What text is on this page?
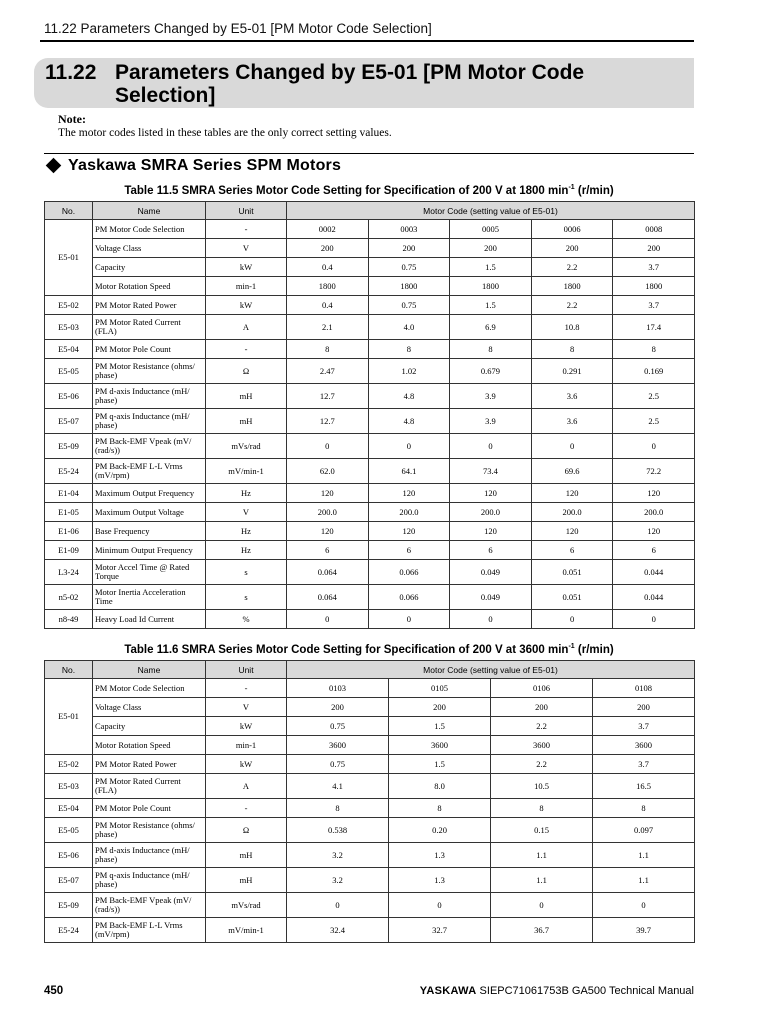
11.22 Parameters Changed by E5-01 [PM Motor Code Selection]
11.22 Parameters Changed by E5-01 [PM Motor Code Selection]
Note:
The motor codes listed in these tables are the only correct setting values.
Yaskawa SMRA Series SPM Motors
Table 11.5 SMRA Series Motor Code Setting for Specification of 200 V at 1800 $\min^{-1} (r/\min)$
No.	Name	Unit	Motor Code (setting value of E5-01)				
E5-01	PM Motor Code Selection	-	0002	0003	0005	0006	0008
	Voltage Class	V	200	200	200	200	200
	Capacity	kW	0.4	0.75	1.5	2.2	3.7
	Motor Rotation Speed	min-1	1800	1800	1800	1800	1800
E5-02	PM Motor Rated Power	kW	0.4	0.75	1.5	2.2	3.7
E5-03	PM Motor Rated Current (FLA)	A	2.1	4.0	6.9	10.8	17.4
E5-04	PM Motor Pole Count	-	8	8	8	8	8
E5-05	PM Motor Resistance (ohms/ phase)	Ω	2.47	1.02	0.679	0.291	0.169
E5-06	PM d-axis Inductance (mH/ phase)	mH	12.7	4.8	3.9	3.6	2.5
E5-07	PM q-axis Inductance (mH/ phase)	mH	12.7	4.8	3.9	3.6	2.5
E5-09	PM Back-EMF Vpeak (mV/ (rad/s))	mVs/rad	0	0	0	0	0
E5-24	PM Back-EMF L-L Vrms (mV/rpm)	mV/min-1	62.0	64.1	73.4	69.6	72.2
E1-04	Maximum Output Frequency	Hz	120	120	120	120	120
E1-05	Maximum Output Voltage	V	200.0	200.0	200.0	200.0	200.0
E1-06	Base Frequency	Hz	120	120	120	120	120
E1-09	Minimum Output Frequency	Hz	6	6	6	6	6
L3-24	Motor Accel Time @ Rated Torque	s	0.064	0.066	0.049	0.051	0.044
n5-02	Motor Inertia Acceleration Time	s	0.064	0.066	0.049	0.051	0.044
n8-49	Heavy Load Id Current	%	0	0	0	0	0
Table 11.6 SMRA Series Motor Code Setting for Specification of 200 V at 3600 $\min^{-1} (r/\min)$
No.	Name	Unit	Motor Code (setting value of E5-01)			
E5-01	PM Motor Code Selection	-	0103	0105	0106	0108
	Voltage Class	V	200	200	200	200
	Capacity	kW	0.75	1.5	2.2	3.7
	Motor Rotation Speed	min-1	3600	3600	3600	3600
E5-02	PM Motor Rated Power	kW	0.75	1.5	2.2	3.7
E5-03	PM Motor Rated Current (FLA)	A	4.1	8.0	10.5	16.5
E5-04	PM Motor Pole Count	-	8	8	8	8
E5-05	PM Motor Resistance (ohms/ phase)	Ω	0.538	0.20	0.15	0.097
E5-06	PM d-axis Inductance (mH/ phase)	mH	3.2	1.3	1.1	1.1
E5-07	PM q-axis Inductance (mH/ phase)	mH	3.2	1.3	1.1	1.1
E5-09	PM Back-EMF Vpeak (mV/ (rad/s))	mVs/rad	0	0	0	0
E5-24	PM Back-EMF L-L Vrms (mV/rpm)	mV/min-1	32.4	32.7	36.7	39.7
450	YASKAWA SIEPC71061753B GA500 Technical Manual
